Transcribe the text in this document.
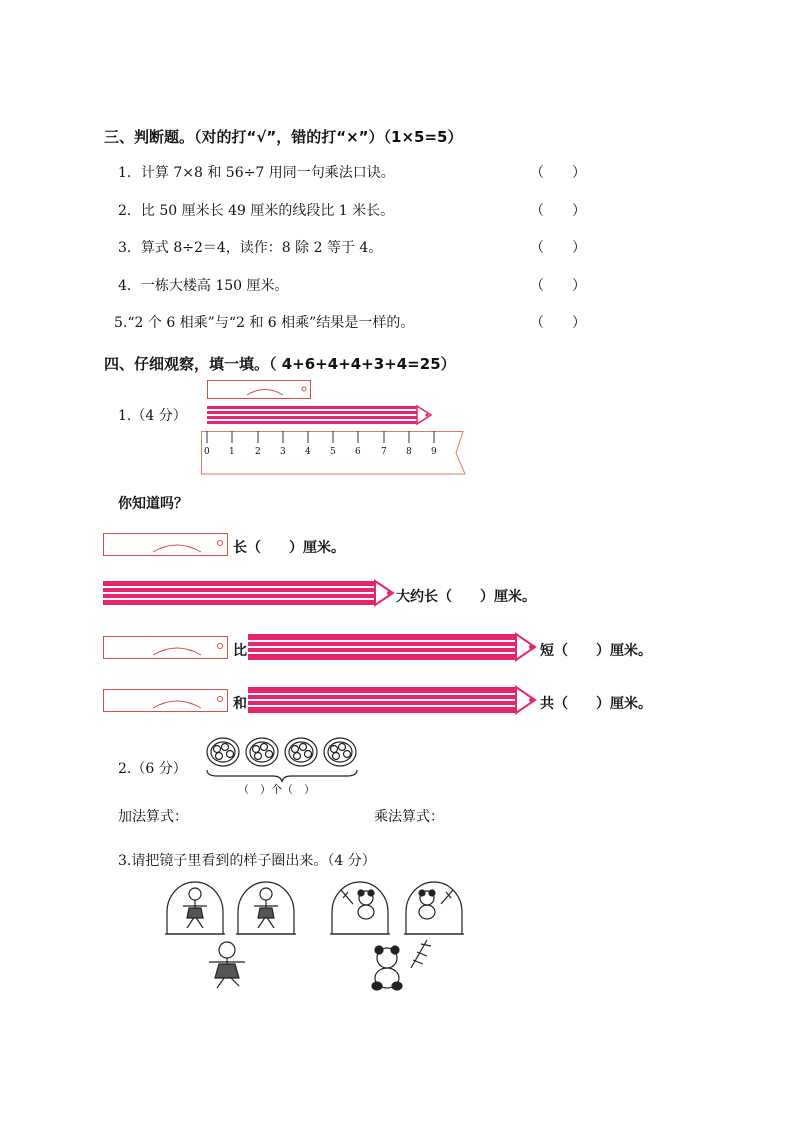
三、判断题。（对的打“√”，错的打“×”）（1×5=5）
1．计算 7×8 和 56÷7 用同一句乘法口诀。	（　　）
2．比 50 厘米长 49 厘米的线段比 1 米长。	（　　）
3．算式 8÷2＝4，读作：8 除 2 等于 4。	（　　）
4．一栋大楼高 150 厘米。	（　　）
5.“2 个 6 相乘”与“2 和 6 相乘”结果是一样的。	（　　）
四、仔细观察，填一填。（ 4+6+4+4+3+4=25）
1.（4 分）
0 1 2 3 4 5 6 7 8 9
你知道吗？
长（　　）厘米。
大约长（　　）厘米。
比	短（　　）厘米。
和	共（　　）厘米。
2.（6 分）
（　）个（　）
加法算式：	乘法算式：
3.请把镜子里看到的样子圈出来。（4 分）
